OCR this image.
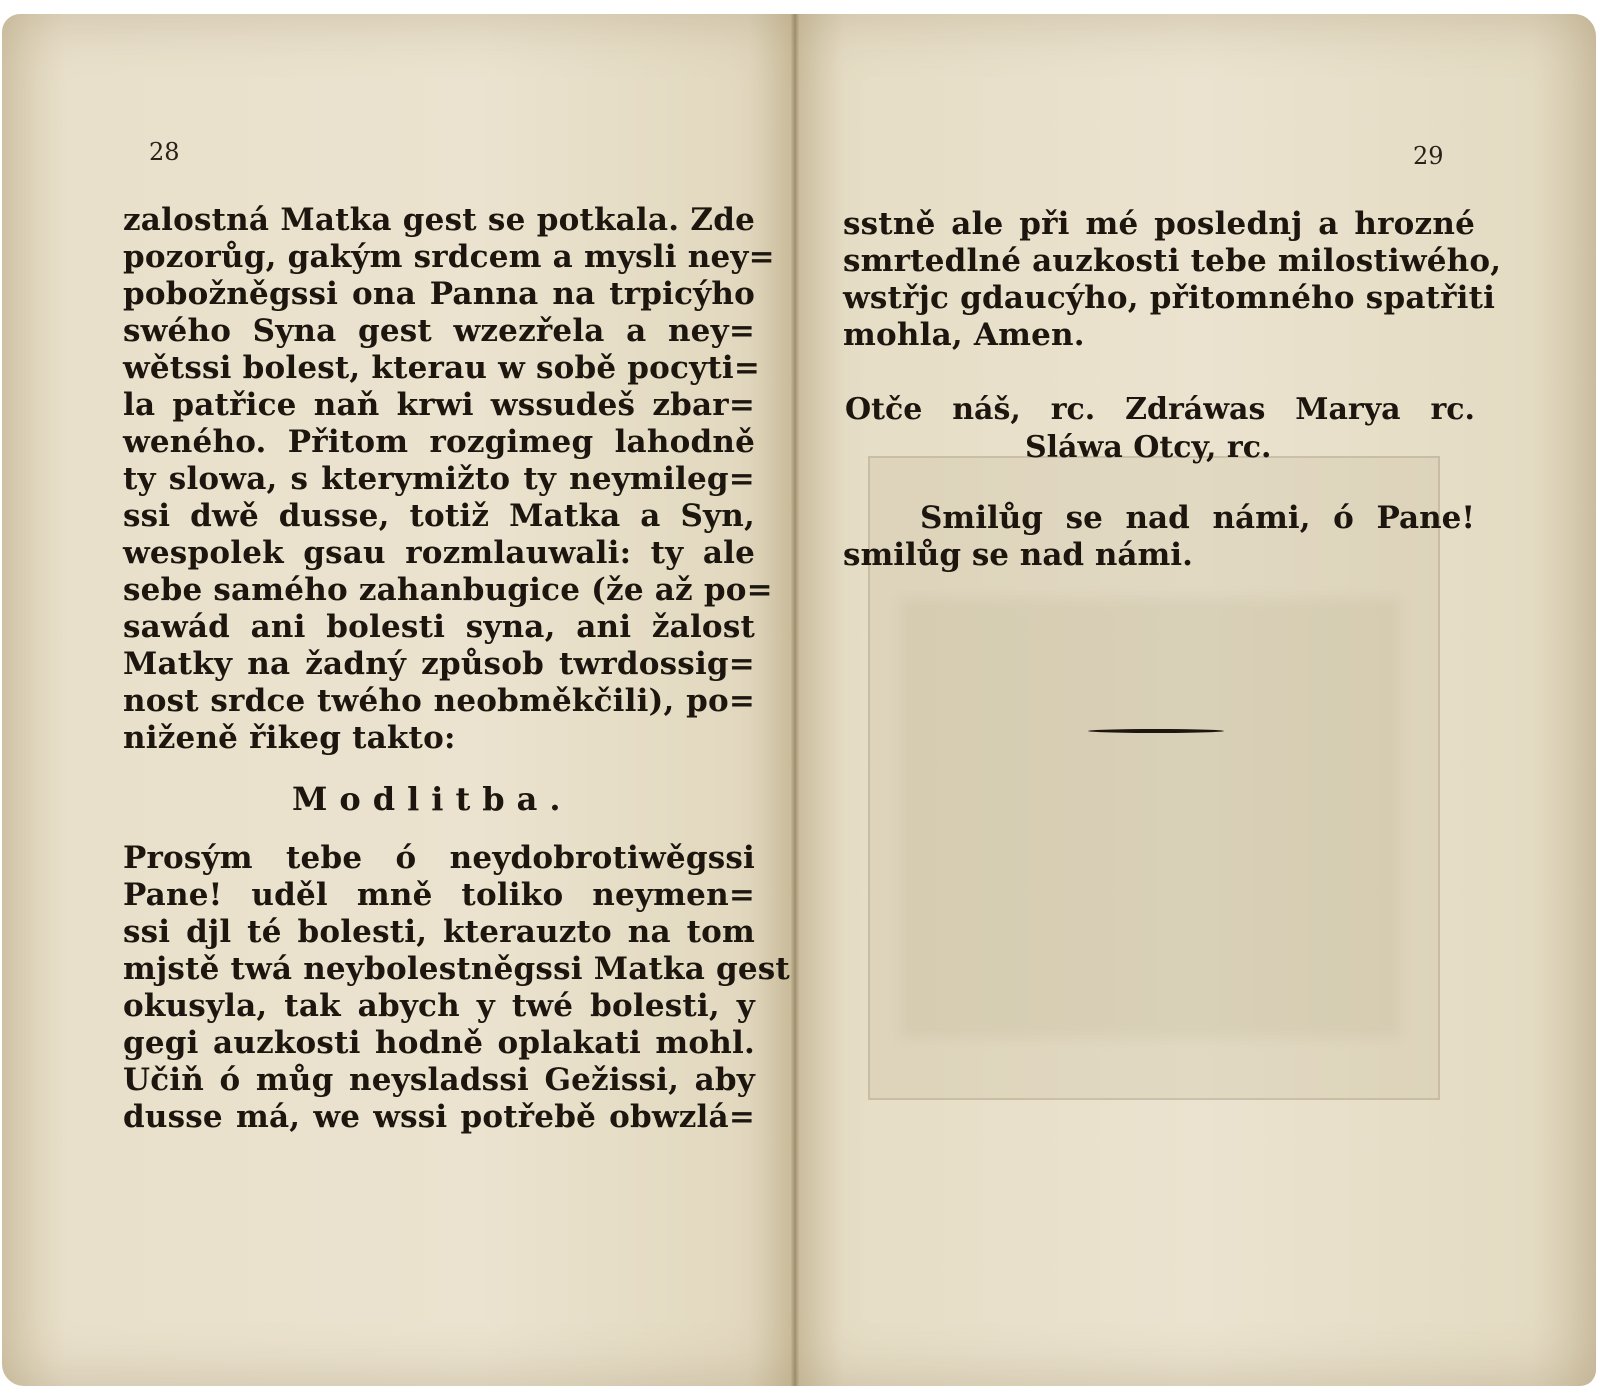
28	29
zalostná Matka gest se potkala. Zde
pozorůg, gakým srdcem a mysli ney=
pobožněgssi ona Panna na trpicýho
swého Syna gest wzezřela a ney=
wětssi bolest, kterau w sobě pocyti=
la patřice naň krwi wssudeš zbar=
weného. Přitom rozgimeg lahodně
ty slowa, s kterymižto ty neymileg=
ssi dwě dusse, totiž Matka a Syn,
wespolek gsau rozmlauwali: ty ale
sebe samého zahanbugice (že až po=
sawád ani bolesti syna, ani žalost
Matky na žadný způsob twrdossig=
nost srdce twého neobměkčili), po=
niženě řikeg takto:
Modlitba.
Prosým tebe ó neydobrotiwěgssi
Pane! uděl mně toliko neymen=
ssi djl té bolesti, kterauzto na tom
mjstě twá neybolestněgssi Matka gest
okusyla, tak abych y twé bolesti, y
gegi auzkosti hodně oplakati mohl.
Učiň ó můg neysladssi Gežissi, aby
dusse má, we wssi potřebě obwzlá=
sstně ale při mé poslednj a hrozné
smrtedlné auzkosti tebe milostiwého,
wstřjc gdaucýho, přitomného spatřiti
mohla, Amen.
Otče náš, rc. Zdráwas Marya rc.
Sláwa Otcy, rc.
Smilůg se nad námi, ó Pane!
smilůg se nad námi.
